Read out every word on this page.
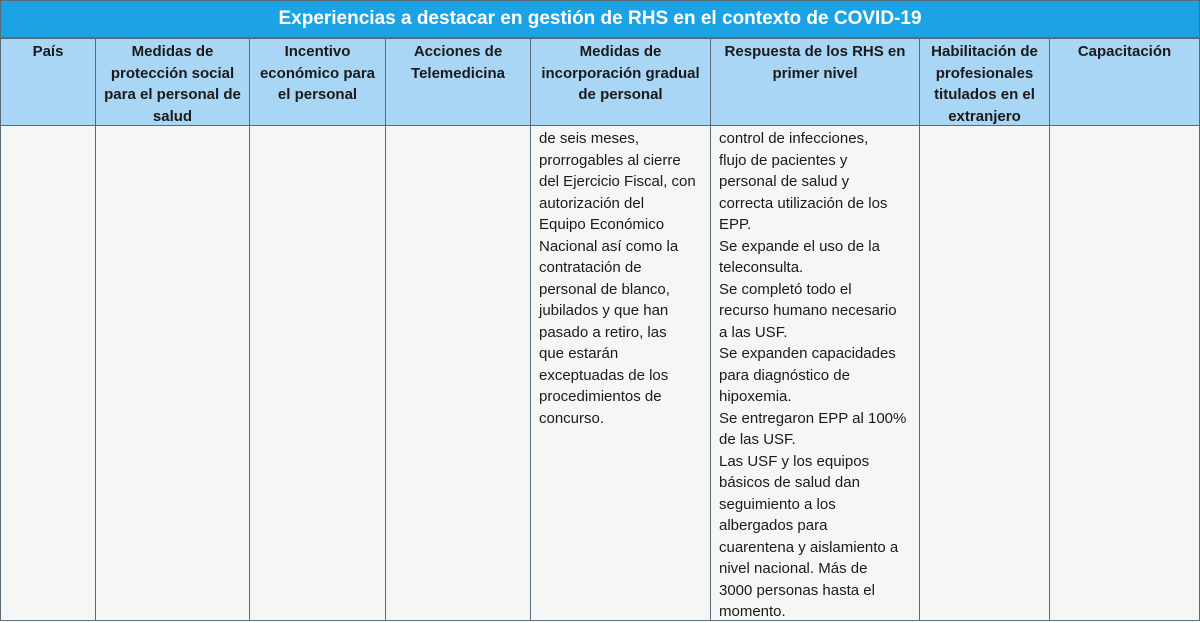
Experiencias a destacar en gestión de RHS en el contexto de COVID-19
País	Medidas de protección social para el personal de salud

Incentivo económico para el personal

Acciones de Telemedicina

Medidas de incorporación gradual de personal

de seis meses,
prorrogables al cierre
del Ejercicio Fiscal, con
autorización del
Equipo Económico
Nacional así como la
contratación de
personal de blanco,
jubilados y que han
pasado a retiro, las
que estarán
exceptuadas de los
procedimientos de
concurso.

Respuesta de los RHS en primer nivel

control de infecciones,
flujo de pacientes y
personal de salud y
correcta utilización de los
EPP.
Se expande el uso de la
teleconsulta.
Se completó todo el
recurso humano necesario
a las USF.
Se expanden capacidades
para diagnóstico de
hipoxemia.
Se entregaron EPP al 100%
de las USF.
Las USF y los equipos
básicos de salud dan
seguimiento a los
albergados para
cuarentena y aislamiento a
nivel nacional. Más de
3000 personas hasta el
momento.

Habilitación de profesionales titulados en el extranjero

Capacitación
